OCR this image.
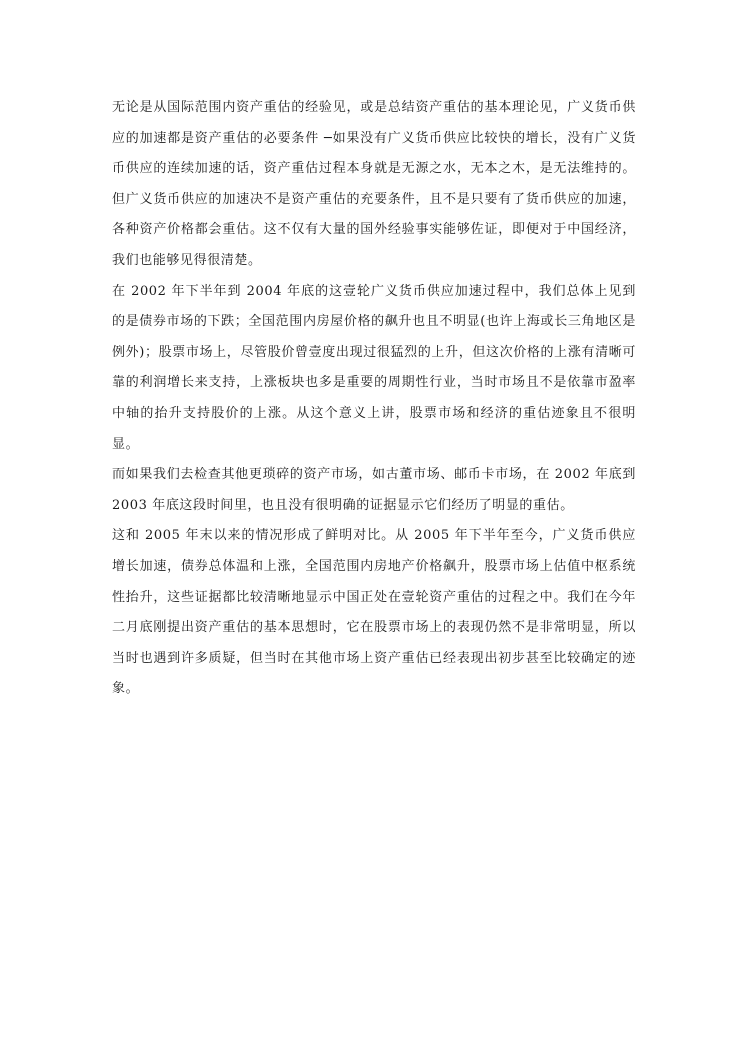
无论是从国际范围内资产重估的经验见，或是总结资产重估的基本理论见，广义货币供应的加速都是资产重估的必要条件 ─如果没有广义货币供应比较快的增长，没有广义货币供应的连续加速的话，资产重估过程本身就是无源之水，无本之木，是无法维持的。但广义货币供应的加速决不是资产重估的充要条件，且不是只要有了货币供应的加速，各种资产价格都会重估。这不仅有大量的国外经验事实能够佐证，即便对于中国经济，我们也能够见得很清楚。

在 2002 年下半年到 2004 年底的这壹轮广义货币供应加速过程中，我们总体上见到的是债券市场的下跌；全国范围内房屋价格的飙升也且不明显(也许上海或长三角地区是例外)；股票市场上，尽管股价曾壹度出现过很猛烈的上升，但这次价格的上涨有清晰可靠的利润增长来支持，上涨板块也多是重要的周期性行业，当时市场且不是依靠市盈率中轴的抬升支持股价的上涨。从这个意义上讲，股票市场和经济的重估迹象且不很明显。

而如果我们去检查其他更琐碎的资产市场，如古董市场、邮币卡市场，在 2002 年底到 2003 年底这段时间里，也且没有很明确的证据显示它们经历了明显的重估。

这和 2005 年末以来的情况形成了鲜明对比。从 2005 年下半年至今，广义货币供应增长加速，债券总体温和上涨，全国范围内房地产价格飙升，股票市场上估值中枢系统性抬升，这些证据都比较清晰地显示中国正处在壹轮资产重估的过程之中。我们在今年二月底刚提出资产重估的基本思想时，它在股票市场上的表现仍然不是非常明显，所以当时也遇到许多质疑，但当时在其他市场上资产重估已经表现出初步甚至比较确定的迹象。
